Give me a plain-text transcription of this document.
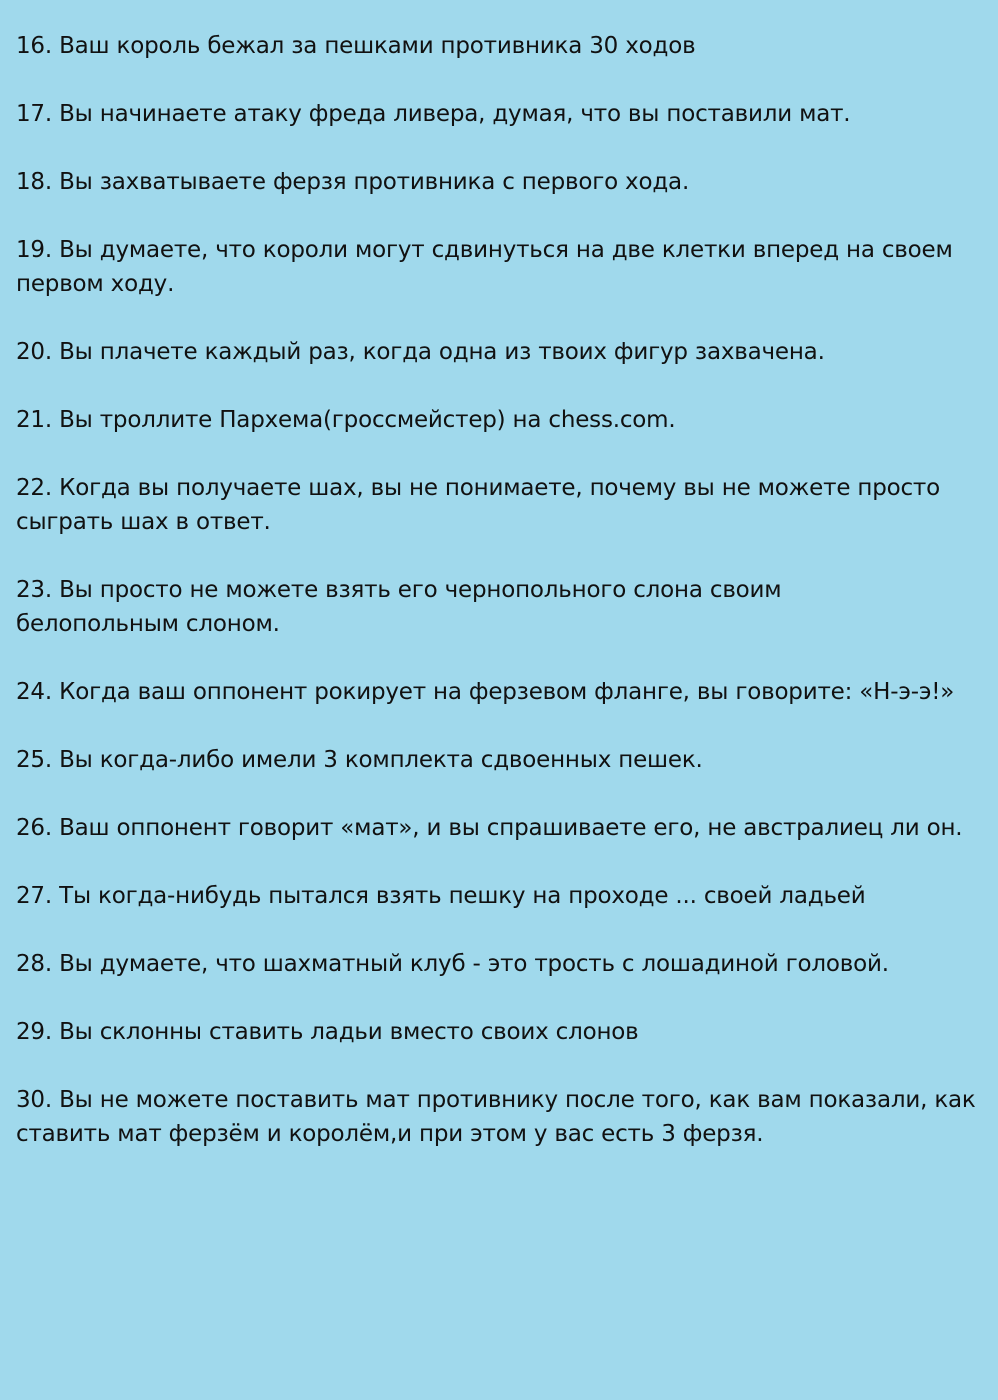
16. Ваш король бежал за пешками противника 30 ходов
17. Вы начинаете атаку фреда ливера, думая, что вы поставили мат.
18. Вы захватываете ферзя противника с первого хода.
19. Вы думаете, что короли могут сдвинуться на две клетки вперед на своем
первом ходу.
20. Вы плачете каждый раз, когда одна из твоих фигур захвачена.
21. Вы троллите Пархема(гроссмейстер) на chess.com.
22. Когда вы получаете шах, вы не понимаете, почему вы не можете просто
сыграть шах в ответ.
23. Вы просто не можете взять его чернопольного слона своим
белопольным слоном.
24. Когда ваш оппонент рокирует на ферзевом фланге, вы говорите: «Н-э-э!»
25. Вы когда-либо имели 3 комплекта сдвоенных пешек.
26. Ваш оппонент говорит «мат», и вы спрашиваете его, не австралиец ли он.
27. Ты когда-нибудь пытался взять пешку на проходе ... своей ладьей
28. Вы думаете, что шахматный клуб - это трость с лошадиной головой.
29. Вы склонны ставить ладьи вместо своих слонов
30. Вы не можете поставить мат противнику после того, как вам показали, как
ставить мат ферзём и королём,и при этом у вас есть 3 ферзя.
